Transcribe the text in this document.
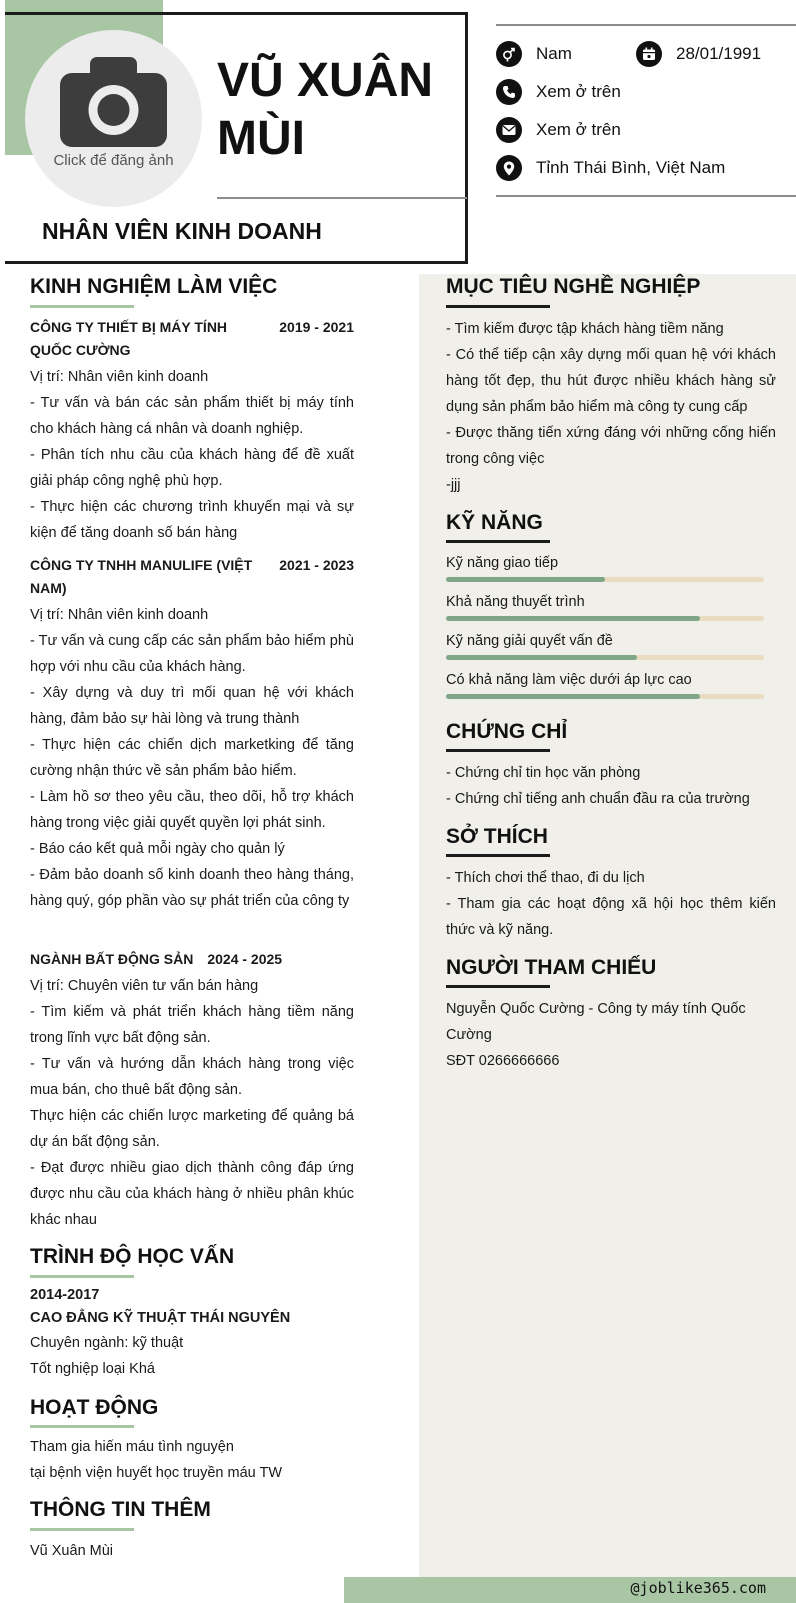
Click để đăng ảnh
VŨ XUÂN MÙI
NHÂN VIÊN KINH DOANH
Nam	28/01/1991
Xem ở trên
Xem ở trên
Tỉnh Thái Bình, Việt Nam
KINH NGHIỆM LÀM VIỆC
CÔNG TY THIẾT BỊ MÁY TÍNH QUỐC CƯỜNG
2019 - 2021
Vị trí: Nhân viên kinh doanh
- Tư vấn và bán các sản phẩm thiết bị máy tính cho khách hàng cá nhân và doanh nghiệp.
- Phân tích nhu cầu của khách hàng để đề xuất giải pháp công nghệ phù hợp.
- Thực hiện các chương trình khuyến mại và sự kiện để tăng doanh số bán hàng
CÔNG TY TNHH MANULIFE (VIỆT NAM)
2021 - 2023
Vị trí: Nhân viên kinh doanh
- Tư vấn và cung cấp các sản phẩm bảo hiểm phù hợp với nhu cầu của khách hàng.
- Xây dựng và duy trì mối quan hệ với khách hàng, đảm bảo sự hài lòng và trung thành
- Thực hiện các chiến dịch marketking để tăng cường nhận thức về sản phẩm bảo hiểm.
- Làm hồ sơ theo yêu cầu, theo dõi, hỗ trợ khách hàng trong việc giải quyết quyền lợi phát sinh.
- Báo cáo kết quả mỗi ngày cho quản lý
- Đảm bảo doanh số kinh doanh theo hàng tháng, hàng quý, góp phần vào sự phát triển của công ty
NGÀNH BẤT ĐỘNG SẢN 2024 - 2025
Vị trí: Chuyên viên tư vấn bán hàng
- Tìm kiếm và phát triển khách hàng tiềm năng trong lĩnh vực bất động sản.
- Tư vấn và hướng dẫn khách hàng trong việc mua bán, cho thuê bất động sản.
Thực hiện các chiến lược marketing để quảng bá dự án bất động sản.
- Đạt được nhiều giao dịch thành công đáp ứng được nhu cầu của khách hàng ở nhiều phân khúc khác nhau
TRÌNH ĐỘ HỌC VẤN
2014-2017
CAO ĐẲNG KỸ THUẬT THÁI NGUYÊN
Chuyên ngành: kỹ thuật
Tốt nghiệp loại Khá
HOẠT ĐỘNG
Tham gia hiến máu tình nguyện
tại bệnh viện huyết học truyền máu TW
THÔNG TIN THÊM
Vũ Xuân Mùi
MỤC TIÊU NGHỀ NGHIỆP
- Tìm kiếm được tập khách hàng tiềm năng
- Có thể tiếp cận xây dựng mối quan hệ với khách hàng tốt đẹp, thu hút được nhiều khách hàng sử dụng sản phẩm bảo hiểm mà công ty cung cấp
- Được thăng tiến xứng đáng với những cống hiến trong công việc
-jjj
KỸ NĂNG
Kỹ năng giao tiếp
Khả năng thuyết trình
Kỹ năng giải quyết vấn đề
Có khả năng làm việc dưới áp lực cao
CHỨNG CHỈ
- Chứng chỉ tin học văn phòng
- Chứng chỉ tiếng anh chuẩn đầu ra của trường
SỞ THÍCH
- Thích chơi thể thao, đi du lịch
- Tham gia các hoạt động xã hội học thêm kiến thức và kỹ năng.
NGƯỜI THAM CHIẾU
Nguyễn Quốc Cường - Công ty máy tính Quốc Cường
SĐT 0266666666
@joblike365.com
